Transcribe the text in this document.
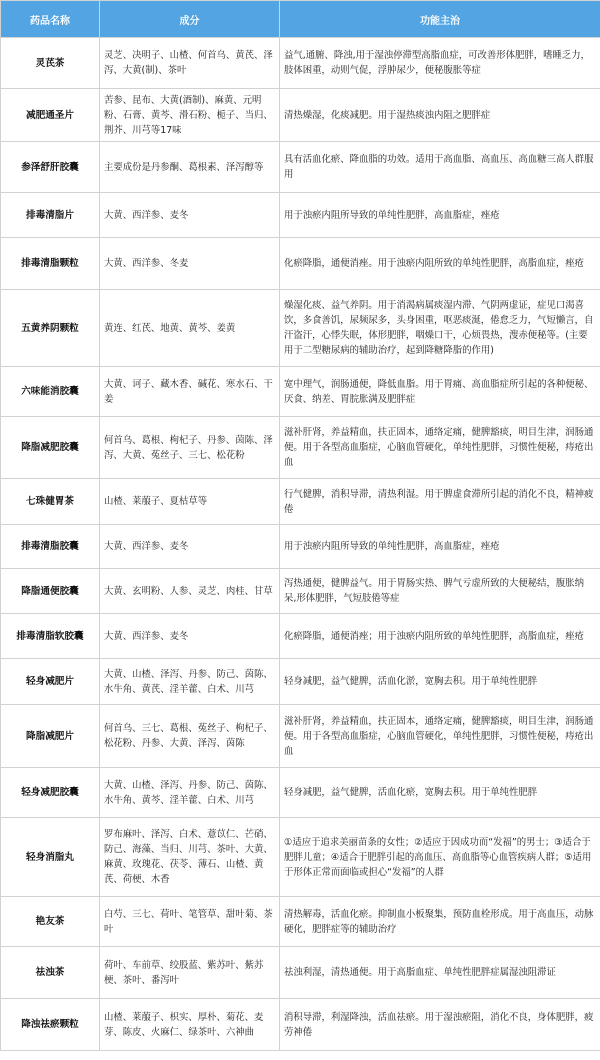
药品名称	成分	功能主治
灵芪茶	灵芝、决明子、山楂、何首乌、黄芪、泽泻、大黄(制)、茶叶	益气,通腑、降浊,用于湿浊停滞型高脂血症，可改善形体肥胖，嗜睡乏力，肢体困重，动则气促，浮肿尿少，便秘腹胀等症
减肥通圣片	苦参、昆布、大黄(酒制)、麻黄、元明粉、石膏、黄芩、滑石粉、栀子、当归、荆芥、川芎等17味	清热燥湿，化痰减肥。用于湿热痰浊内阻之肥胖症
参泽舒肝胶囊	主要成份是丹参酮、葛根素、泽泻醇等	具有活血化瘀、降血脂的功效。适用于高血脂、高血压、高血糖三高人群服用
排毒清脂片	大黄、西洋参、麦冬	用于浊瘀内阻所导致的单纯性肥胖，高血脂症，痤疮
排毒清脂颗粒	大黄、西洋参、冬麦	化瘀降脂，通便消痤。用于浊瘀内阻所致的单纯性肥胖，高脂血症，痤疮
五黄养阴颗粒	黄连、红芪、地黄、黄芩、姜黄	燥湿化痰、益气养阴。用于消渴病属痰湿内滞、气阴两虚证，症见口渴喜饮，多食善饥，尿频尿多，头身困重，呕恶痰涎，倦怠乏力，气短懒言，自汗盗汗，心悸失眠，体形肥胖，咽燥口干，心烦畏热，溲赤便秘等。(主要用于二型糖尿病的辅助治疗，起到降糖降脂的作用)
六味能消胶囊	大黄、诃子、藏木香、碱花、寒水石、干姜	宽中理气，润肠通便，降低血脂。用于胃痛、高血脂症所引起的各种便秘、厌食、纳差、胃脘胀满及肥胖症
降脂减肥胶囊	何首乌、葛根、枸杞子、丹参、茵陈、泽泻、大黄、菟丝子、三七、松花粉	滋补肝肾，养益精血，扶正固本，通络定痛，健脾豁痰，明目生津，润肠通便。用于各型高血脂症，心脑血管硬化，单纯性肥胖，习惯性便秘，痔疮出血
七珠健胃茶	山楂、莱菔子、夏枯草等	行气健脾，消积导滞，清热利湿。用于脾虚食滞所引起的消化不良，精神疲倦
排毒清脂胶囊	大黄、西洋参、麦冬	用于浊瘀内阻所导致的单纯性肥胖，高血脂症，痤疮
降脂通便胶囊	大黄、玄明粉、人参、灵芝、肉桂、甘草	泻热通便，健脾益气。用于胃肠实热、脾气亏虚所致的大便秘结，腹胀纳呆,形体肥胖，气短肢倦等症
排毒清脂软胶囊	大黄、西洋参、麦冬	化瘀降脂，通便消痤；用于浊瘀内阻所致的单纯性肥胖，高脂血症，痤疮
轻身减肥片	大黄、山楂、泽泻、丹参、防己、茵陈、水牛角、黄芪、淫羊藿、白术、川芎	轻身减肥，益气健脾，活血化淤，宽胸去积。用于单纯性肥胖
降脂减肥片	何首乌、三七、葛根、菟丝子、枸杞子、松花粉、丹参、大黄、泽泻、茵陈	滋补肝肾，养益精血，扶正固本，通络定痛，健脾豁痰，明目生津，润肠通便。用于各型高血脂症，心脑血管硬化，单纯性肥胖，习惯性便秘，痔疮出血
轻身减肥胶囊	大黄、山楂、泽泻、丹参、防己、茵陈、水牛角、黄芩、淫羊藿、白术、川芎	轻身减肥，益气健脾，活血化瘀，宽胸去积。用于单纯性肥胖
轻身消脂丸	罗布麻叶、泽泻、白术、薏苡仁、芒硝、防己、海藻、当归、川芎、茶叶、大黄、麻黄、玫瑰花、茯苓、薄石、山楂、黄芪、荷梗、木香	①适应于追求美丽苗条的女性；②适应于因成功而“发福”的男士；③适合于肥胖儿童；④适合于肥胖引起的高血压、高血脂等心血管疾病人群；⑤适用于形体正常而面临或担心“发福”的人群
艳友茶	白芍、三七、荷叶、笔管草、甜叶菊、茶叶	清热解毒，活血化瘀。抑制血小板聚集，预防血栓形成。用于高血压，动脉硬化，肥胖症等的辅助治疗
祛浊茶	荷叶、车前草、绞股蓝、紫苏叶、紫苏梗、茶叶、番泻叶	祛浊利湿，清热通便。用于高脂血症、单纯性肥胖症属湿浊阻滞证
降浊祛瘀颗粒	山楂、莱菔子、枳实、厚朴、菊花、麦芽、陈皮、火麻仁、绿茶叶、六神曲	消积导滞，利湿降浊，活血祛瘀。用于湿浊瘀阻，消化不良，身体肥胖，疲劳神倦
